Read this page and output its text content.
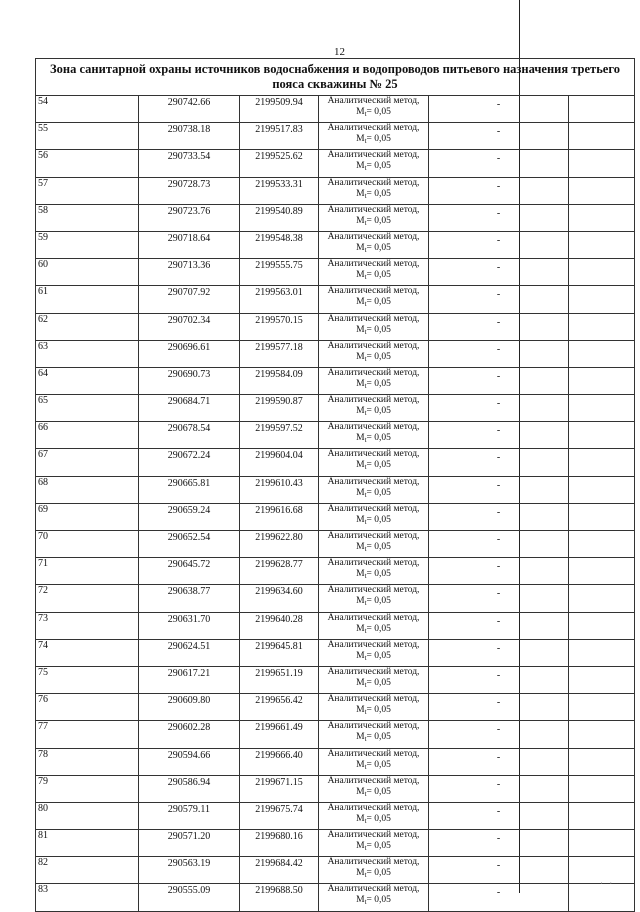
12
Зона санитарной охраны источников водоснабжения и водопроводов питьевого назначения третьего пояса скважины № 25					
54	290742.66	2199509.94	Аналитический метод,
$M_t= 0,05$	-	
55	290738.18	2199517.83	Аналитический метод,
$M_t= 0,05$	-	
56	290733.54	2199525.62	Аналитический метод,
$M_t= 0,05$	-	
57	290728.73	2199533.31	Аналитический метод,
$M_t= 0,05$	-	
58	290723.76	2199540.89	Аналитический метод,
$M_t= 0,05$	-	
59	290718.64	2199548.38	Аналитический метод,
$M_t= 0,05$	-	
60	290713.36	2199555.75	Аналитический метод,
$M_t= 0,05$	-	
61	290707.92	2199563.01	Аналитический метод,
$M_t= 0,05$	-	
62	290702.34	2199570.15	Аналитический метод,
$M_t= 0,05$	-	
63	290696.61	2199577.18	Аналитический метод,
$M_t= 0,05$	-	
64	290690.73	2199584.09	Аналитический метод,
$M_t= 0,05$	-	
65	290684.71	2199590.87	Аналитический метод,
$M_t= 0,05$	-	
66	290678.54	2199597.52	Аналитический метод,
$M_t= 0,05$	-	
67	290672.24	2199604.04	Аналитический метод,
$M_t= 0,05$	-	
68	290665.81	2199610.43	Аналитический метод,
$M_t= 0,05$	-	
69	290659.24	2199616.68	Аналитический метод,
$M_t= 0,05$	-	
70	290652.54	2199622.80	Аналитический метод,
$M_t= 0,05$	-	
71	290645.72	2199628.77	Аналитический метод,
$M_t= 0,05$	-	
72	290638.77	2199634.60	Аналитический метод,
$M_t= 0,05$	-	
73	290631.70	2199640.28	Аналитический метод,
$M_t= 0,05$	-	
74	290624.51	2199645.81	Аналитический метод,
$M_t= 0,05$	-	
75	290617.21	2199651.19	Аналитический метод,
$M_t= 0,05$	-	
76	290609.80	2199656.42	Аналитический метод,
$M_t= 0,05$	-	
77	290602.28	2199661.49	Аналитический метод,
$M_t= 0,05$	-	
78	290594.66	2199666.40	Аналитический метод,
$M_t= 0,05$	-	
79	290586.94	2199671.15	Аналитический метод,
$M_t= 0,05$	-	
80	290579.11	2199675.74	Аналитический метод,
$M_t= 0,05$	-	
81	290571.20	2199680.16	Аналитический метод,
$M_t= 0,05$	-	
82	290563.19	2199684.42	Аналитический метод,
$M_t= 0,05$	-	
83	290555.09	2199688.50	Аналитический метод,
$M_t= 0,05$	-	
· ·
